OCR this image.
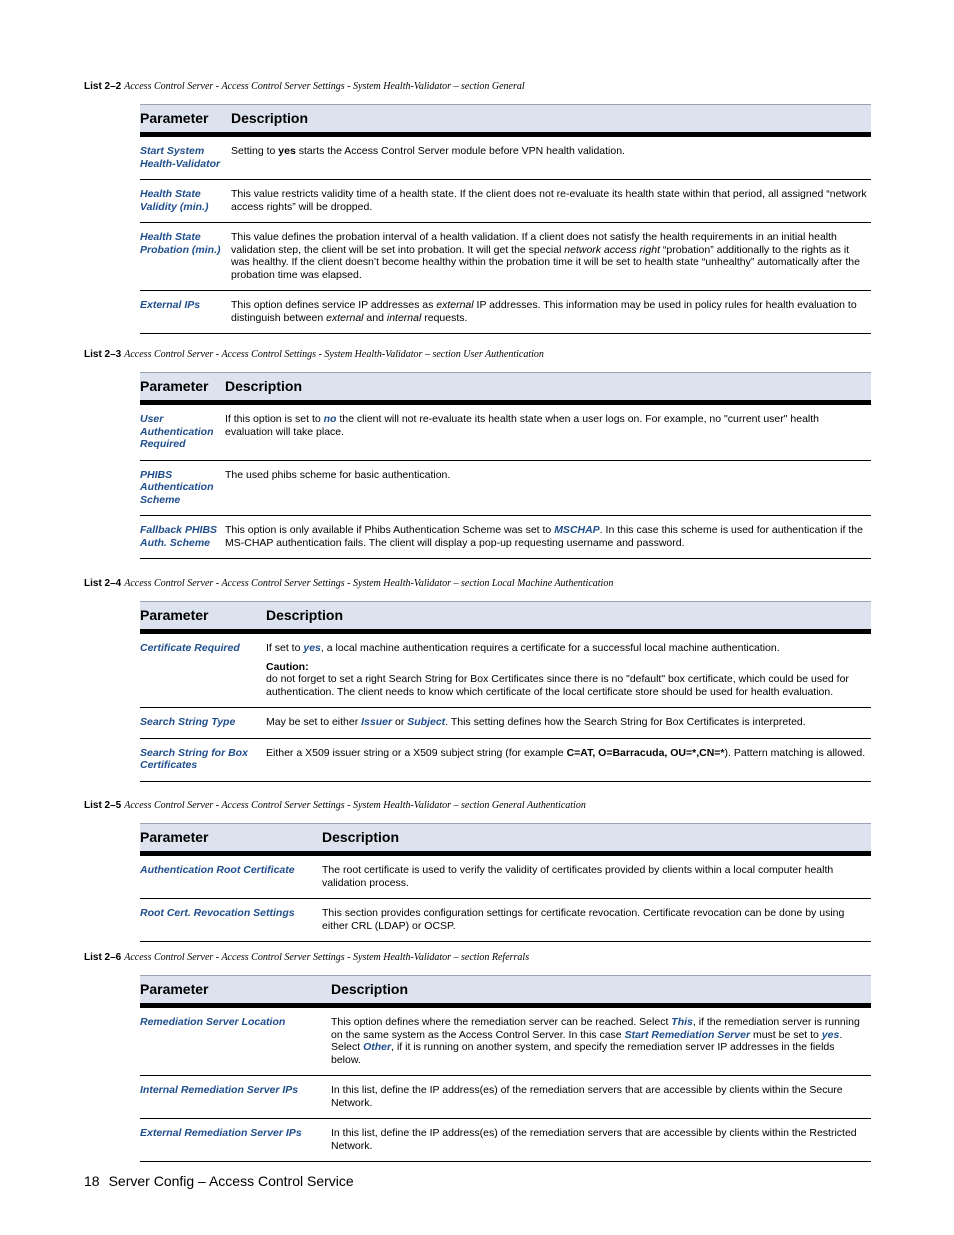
List 2–2 Access Control Server - Access Control Server Settings - System Health-Validator – section General
Parameter	Description
Start System Health-Validator	Setting to yes starts the Access Control Server module before VPN health validation.
Health State Validity (min.)	This value restricts validity time of a health state. If the client does not re-evaluate its health state within that period, all assigned “network access rights” will be dropped.
Health State Probation (min.)	This value defines the probation interval of a health validation. If a client does not satisfy the health requirements in an initial health validation step, the client will be set into probation. It will get the special network access right “probation” additionally to the rights as it was healthy. If the client doesn’t become healthy within the probation time it will be set to health state “unhealthy” automatically after the probation time was elapsed.
External IPs	This option defines service IP addresses as external IP addresses. This information may be used in policy rules for health evaluation to distinguish between external and internal requests.
List 2–3 Access Control Server - Access Control Settings - System Health-Validator – section User Authentication
Parameter	Description
User Authentication Required	If this option is set to no the client will not re-evaluate its health state when a user logs on. For example, no "current user" health evaluation will take place.
PHIBS Authentication Scheme	The used phibs scheme for basic authentication.
Fallback PHIBS Auth. Scheme	This option is only available if Phibs Authentication Scheme was set to MSCHAP. In this case this scheme is used for authentication if the MS-CHAP authentication fails. The client will display a pop-up requesting username and password.
List 2–4 Access Control Server - Access Control Server Settings - System Health-Validator – section Local Machine Authentication
Parameter	Description
Certificate Required	If set to yes, a local machine authentication requires a certificate for a successful local machine authentication.
Caution:
do not forget to set a right Search String for Box Certificates since there is no "default" box certificate, which could be used for authentication. The client needs to know which certificate of the local certificate store should be used for health evaluation.
Search String Type	May be set to either Issuer or Subject. This setting defines how the Search String for Box Certificates is interpreted.
Search String for Box Certificates	Either a X509 issuer string or a X509 subject string (for example C=AT, O=Barracuda, OU=*,CN=*). Pattern matching is allowed.
List 2–5 Access Control Server - Access Control Server Settings - System Health-Validator – section General Authentication
Parameter	Description
Authentication Root Certificate	The root certificate is used to verify the validity of certificates provided by clients within a local computer health validation process.
Root Cert. Revocation Settings	This section provides configuration settings for certificate revocation. Certificate revocation can be done by using either CRL (LDAP) or OCSP.
List 2–6 Access Control Server - Access Control Server Settings - System Health-Validator – section Referrals
Parameter	Description
Remediation Server Location	This option defines where the remediation server can be reached. Select This, if the remediation server is running on the same system as the Access Control Server. In this case Start Remediation Server must be set to yes. Select Other, if it is running on another system, and specify the remediation server IP addresses in the fields below.
Internal Remediation Server IPs	In this list, define the IP address(es) of the remediation servers that are accessible by clients within the Secure Network.
External Remediation Server IPs	In this list, define the IP address(es) of the remediation servers that are accessible by clients within the Restricted Network.
18 Server Config – Access Control Service
